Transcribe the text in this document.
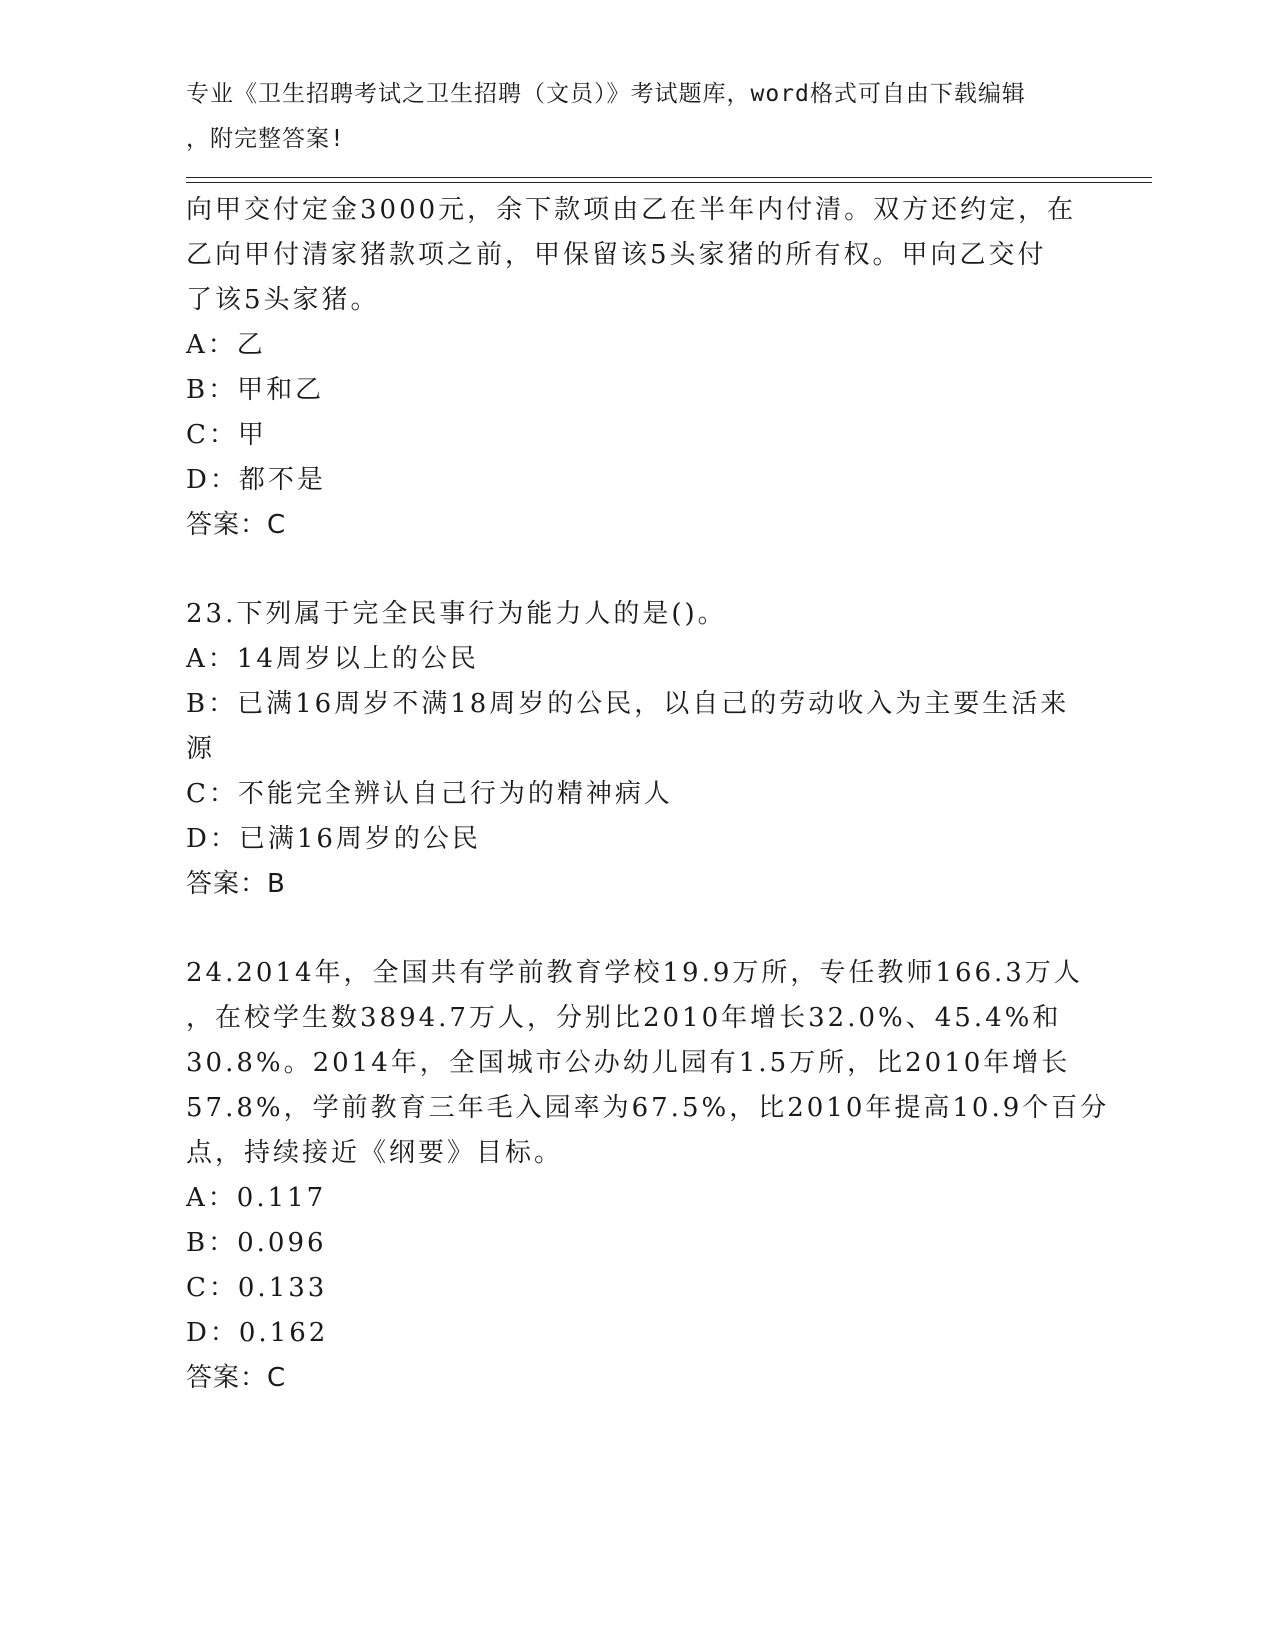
专业《卫生招聘考试之卫生招聘（文员）》考试题库，word格式可自由下载编辑
，附完整答案!
向甲交付定金3000元，余下款项由乙在半年内付清。双方还约定，在
乙向甲付清家猪款项之前，甲保留该5头家猪的所有权。甲向乙交付
了该5头家猪。
A：乙
B：甲和乙
C：甲
D：都不是
答案：C
23.下列属于完全民事行为能力人的是()。
A：14周岁以上的公民
B：已满16周岁不满18周岁的公民，以自己的劳动收入为主要生活来
源
C：不能完全辨认自己行为的精神病人
D：已满16周岁的公民
答案：B
24.2014年，全国共有学前教育学校19.9万所，专任教师166.3万人
，在校学生数3894.7万人，分别比2010年增长32.0%、45.4%和
30.8%。2014年，全国城市公办幼儿园有1.5万所，比2010年增长
57.8%，学前教育三年毛入园率为67.5%，比2010年提高10.9个百分
点，持续接近《纲要》目标。
A：0.117
B：0.096
C：0.133
D：0.162
答案：C
